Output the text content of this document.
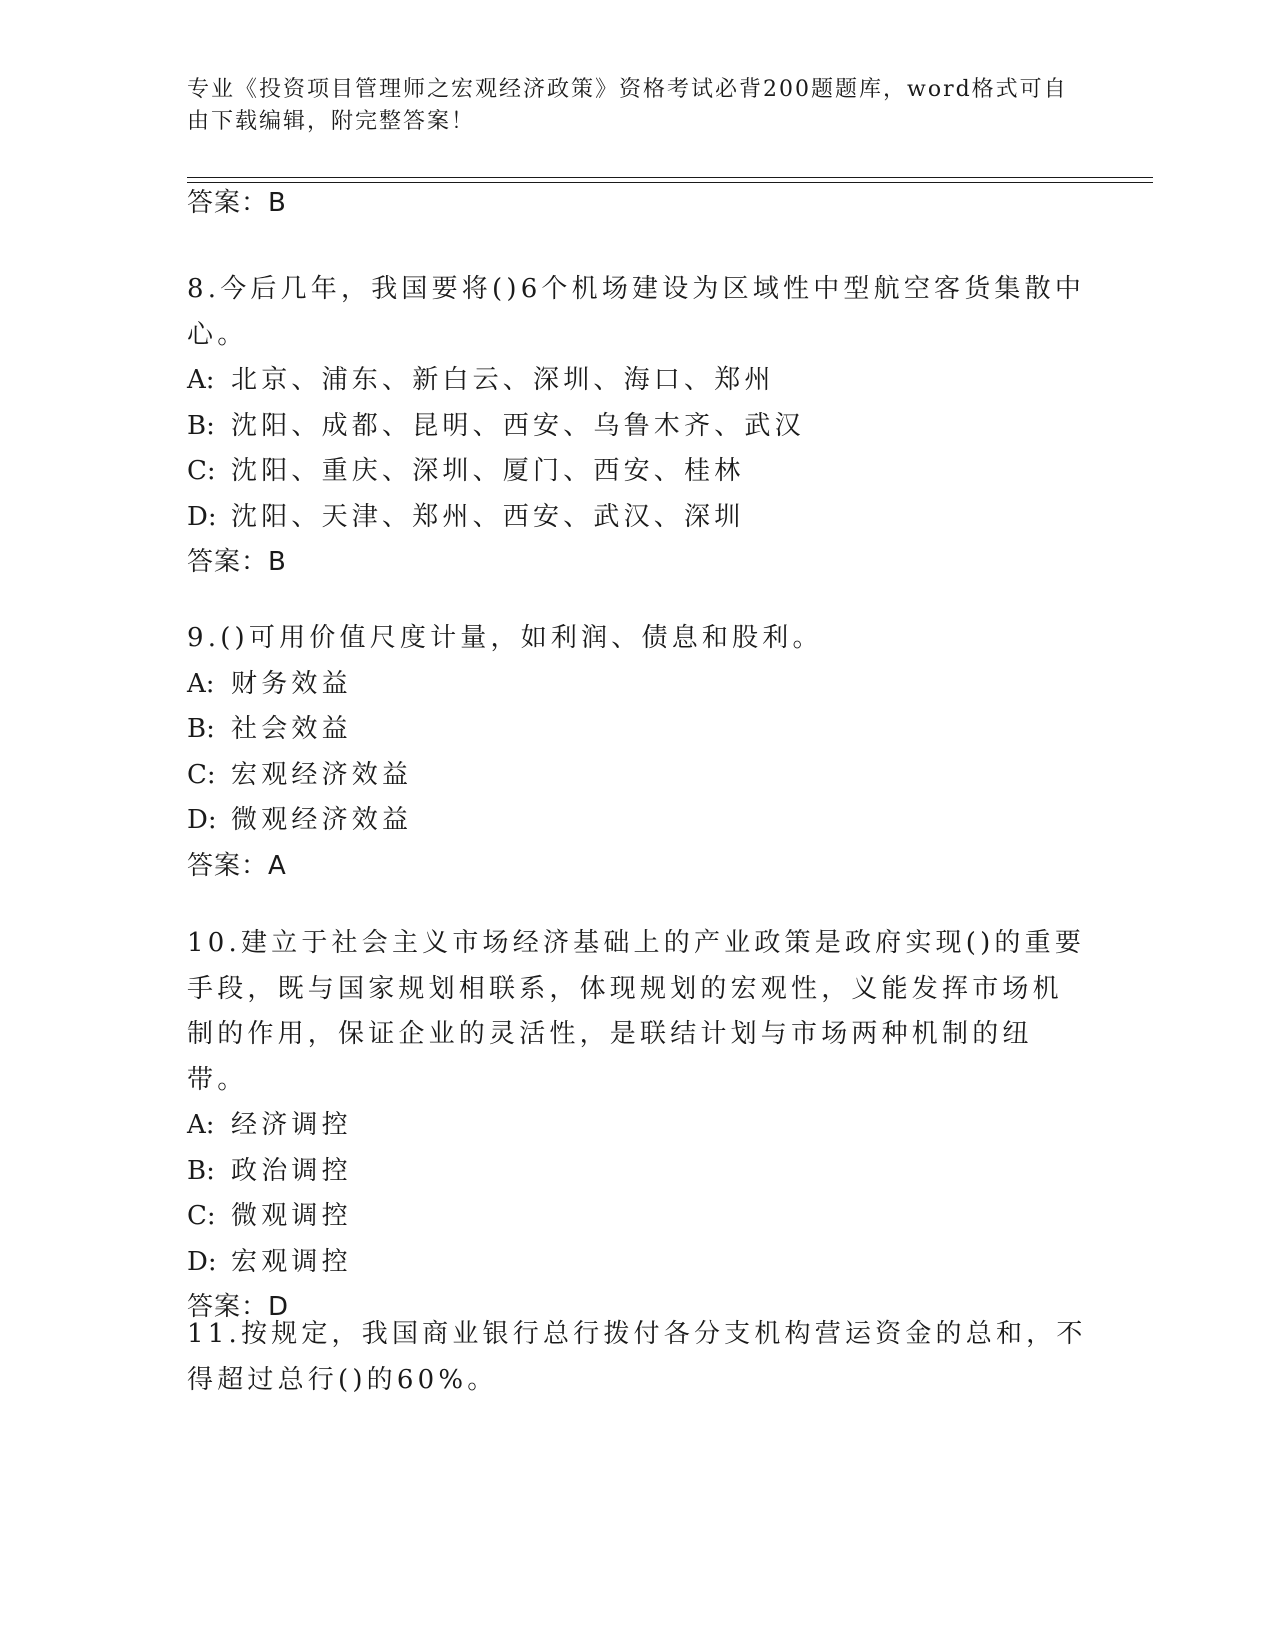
专业《投资项目管理师之宏观经济政策》资格考试必背200题题库，word格式可自由下载编辑，附完整答案！
答案：B

8.今后几年，我国要将()6个机场建设为区域性中型航空客货集散中心。

A: 北京、浦东、新白云、深圳、海口、郑州

B: 沈阳、成都、昆明、西安、乌鲁木齐、武汉

C: 沈阳、重庆、深圳、厦门、西安、桂林

D: 沈阳、天津、郑州、西安、武汉、深圳

答案：B

9.()可用价值尺度计量，如利润、债息和股利。

A: 财务效益

B: 社会效益

C: 宏观经济效益

D: 微观经济效益

答案：A

10.建立于社会主义市场经济基础上的产业政策是政府实现()的重要手段，既与国家规划相联系，体现规划的宏观性，义能发挥市场机制的作用，保证企业的灵活性，是联结计划与市场两种机制的纽带。

A: 经济调控

B: 政治调控

C: 微观调控

D: 宏观调控

答案：D

11.按规定，我国商业银行总行拨付各分支机构营运资金的总和，不得超过总行()的60%。
